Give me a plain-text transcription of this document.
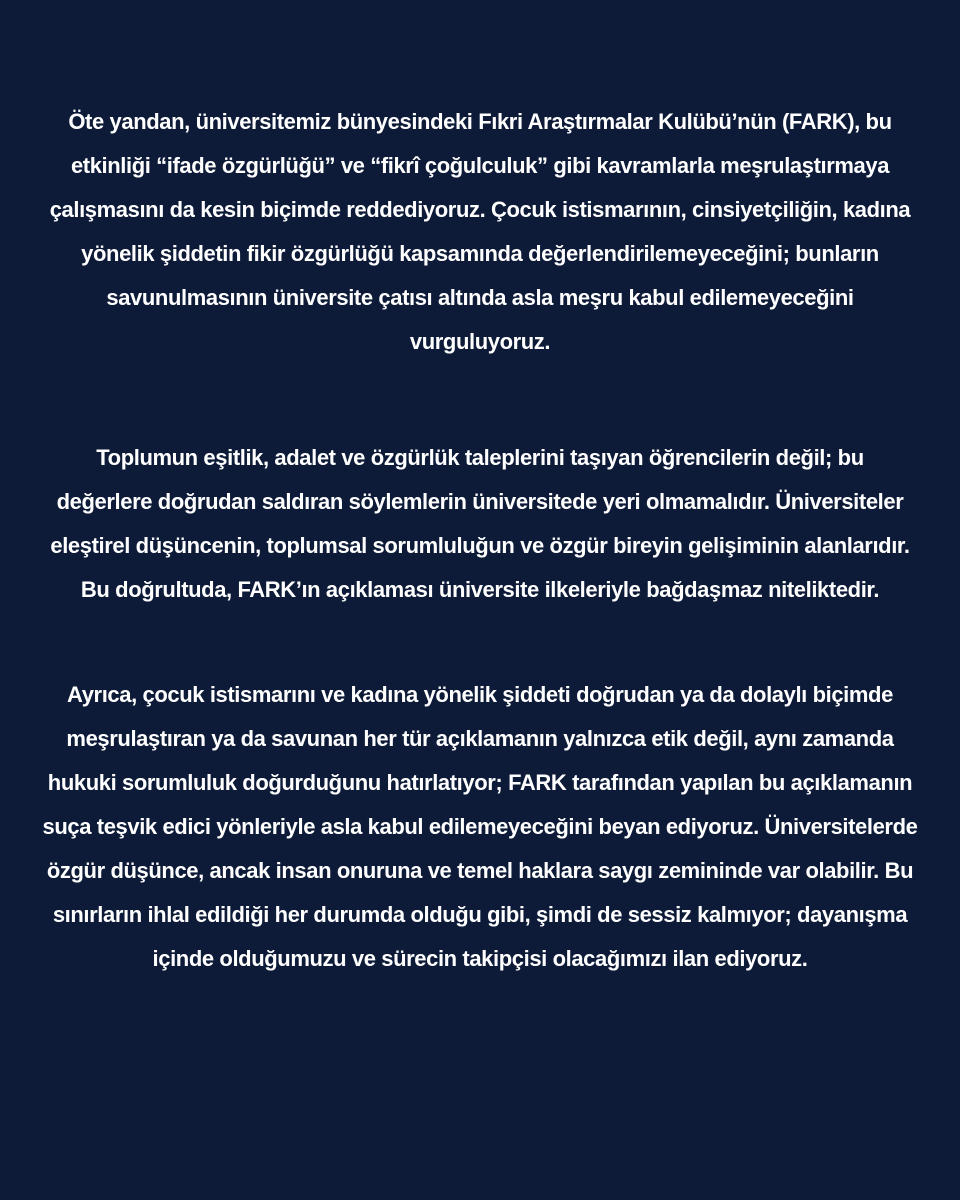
Öte yandan, üniversitemiz bünyesindeki Fıkri Araştırmalar Kulübü’nün (FARK), bu
etkinliği “ifade özgürlüğü” ve “fikrî çoğulculuk” gibi kavramlarla meşrulaştırmaya
çalışmasını da kesin biçimde reddediyoruz. Çocuk istismarının, cinsiyetçiliğin, kadına
yönelik şiddetin fikir özgürlüğü kapsamında değerlendirilemeyeceğini; bunların
savunulmasının üniversite çatısı altında asla meşru kabul edilemeyeceğini
vurguluyoruz.

Toplumun eşitlik, adalet ve özgürlük taleplerini taşıyan öğrencilerin değil; bu
değerlere doğrudan saldıran söylemlerin üniversitede yeri olmamalıdır. Üniversiteler
eleştirel düşüncenin, toplumsal sorumluluğun ve özgür bireyin gelişiminin alanlarıdır.
Bu doğrultuda, FARK’ın açıklaması üniversite ilkeleriyle bağdaşmaz niteliktedir.

Ayrıca, çocuk istismarını ve kadına yönelik şiddeti doğrudan ya da dolaylı biçimde
meşrulaştıran ya da savunan her tür açıklamanın yalnızca etik değil, aynı zamanda
hukuki sorumluluk doğurduğunu hatırlatıyor; FARK tarafından yapılan bu açıklamanın
suça teşvik edici yönleriyle asla kabul edilemeyeceğini beyan ediyoruz. Üniversitelerde
özgür düşünce, ancak insan onuruna ve temel haklara saygı zemininde var olabilir. Bu
sınırların ihlal edildiği her durumda olduğu gibi, şimdi de sessiz kalmıyor; dayanışma
içinde olduğumuzu ve sürecin takipçisi olacağımızı ilan ediyoruz.
